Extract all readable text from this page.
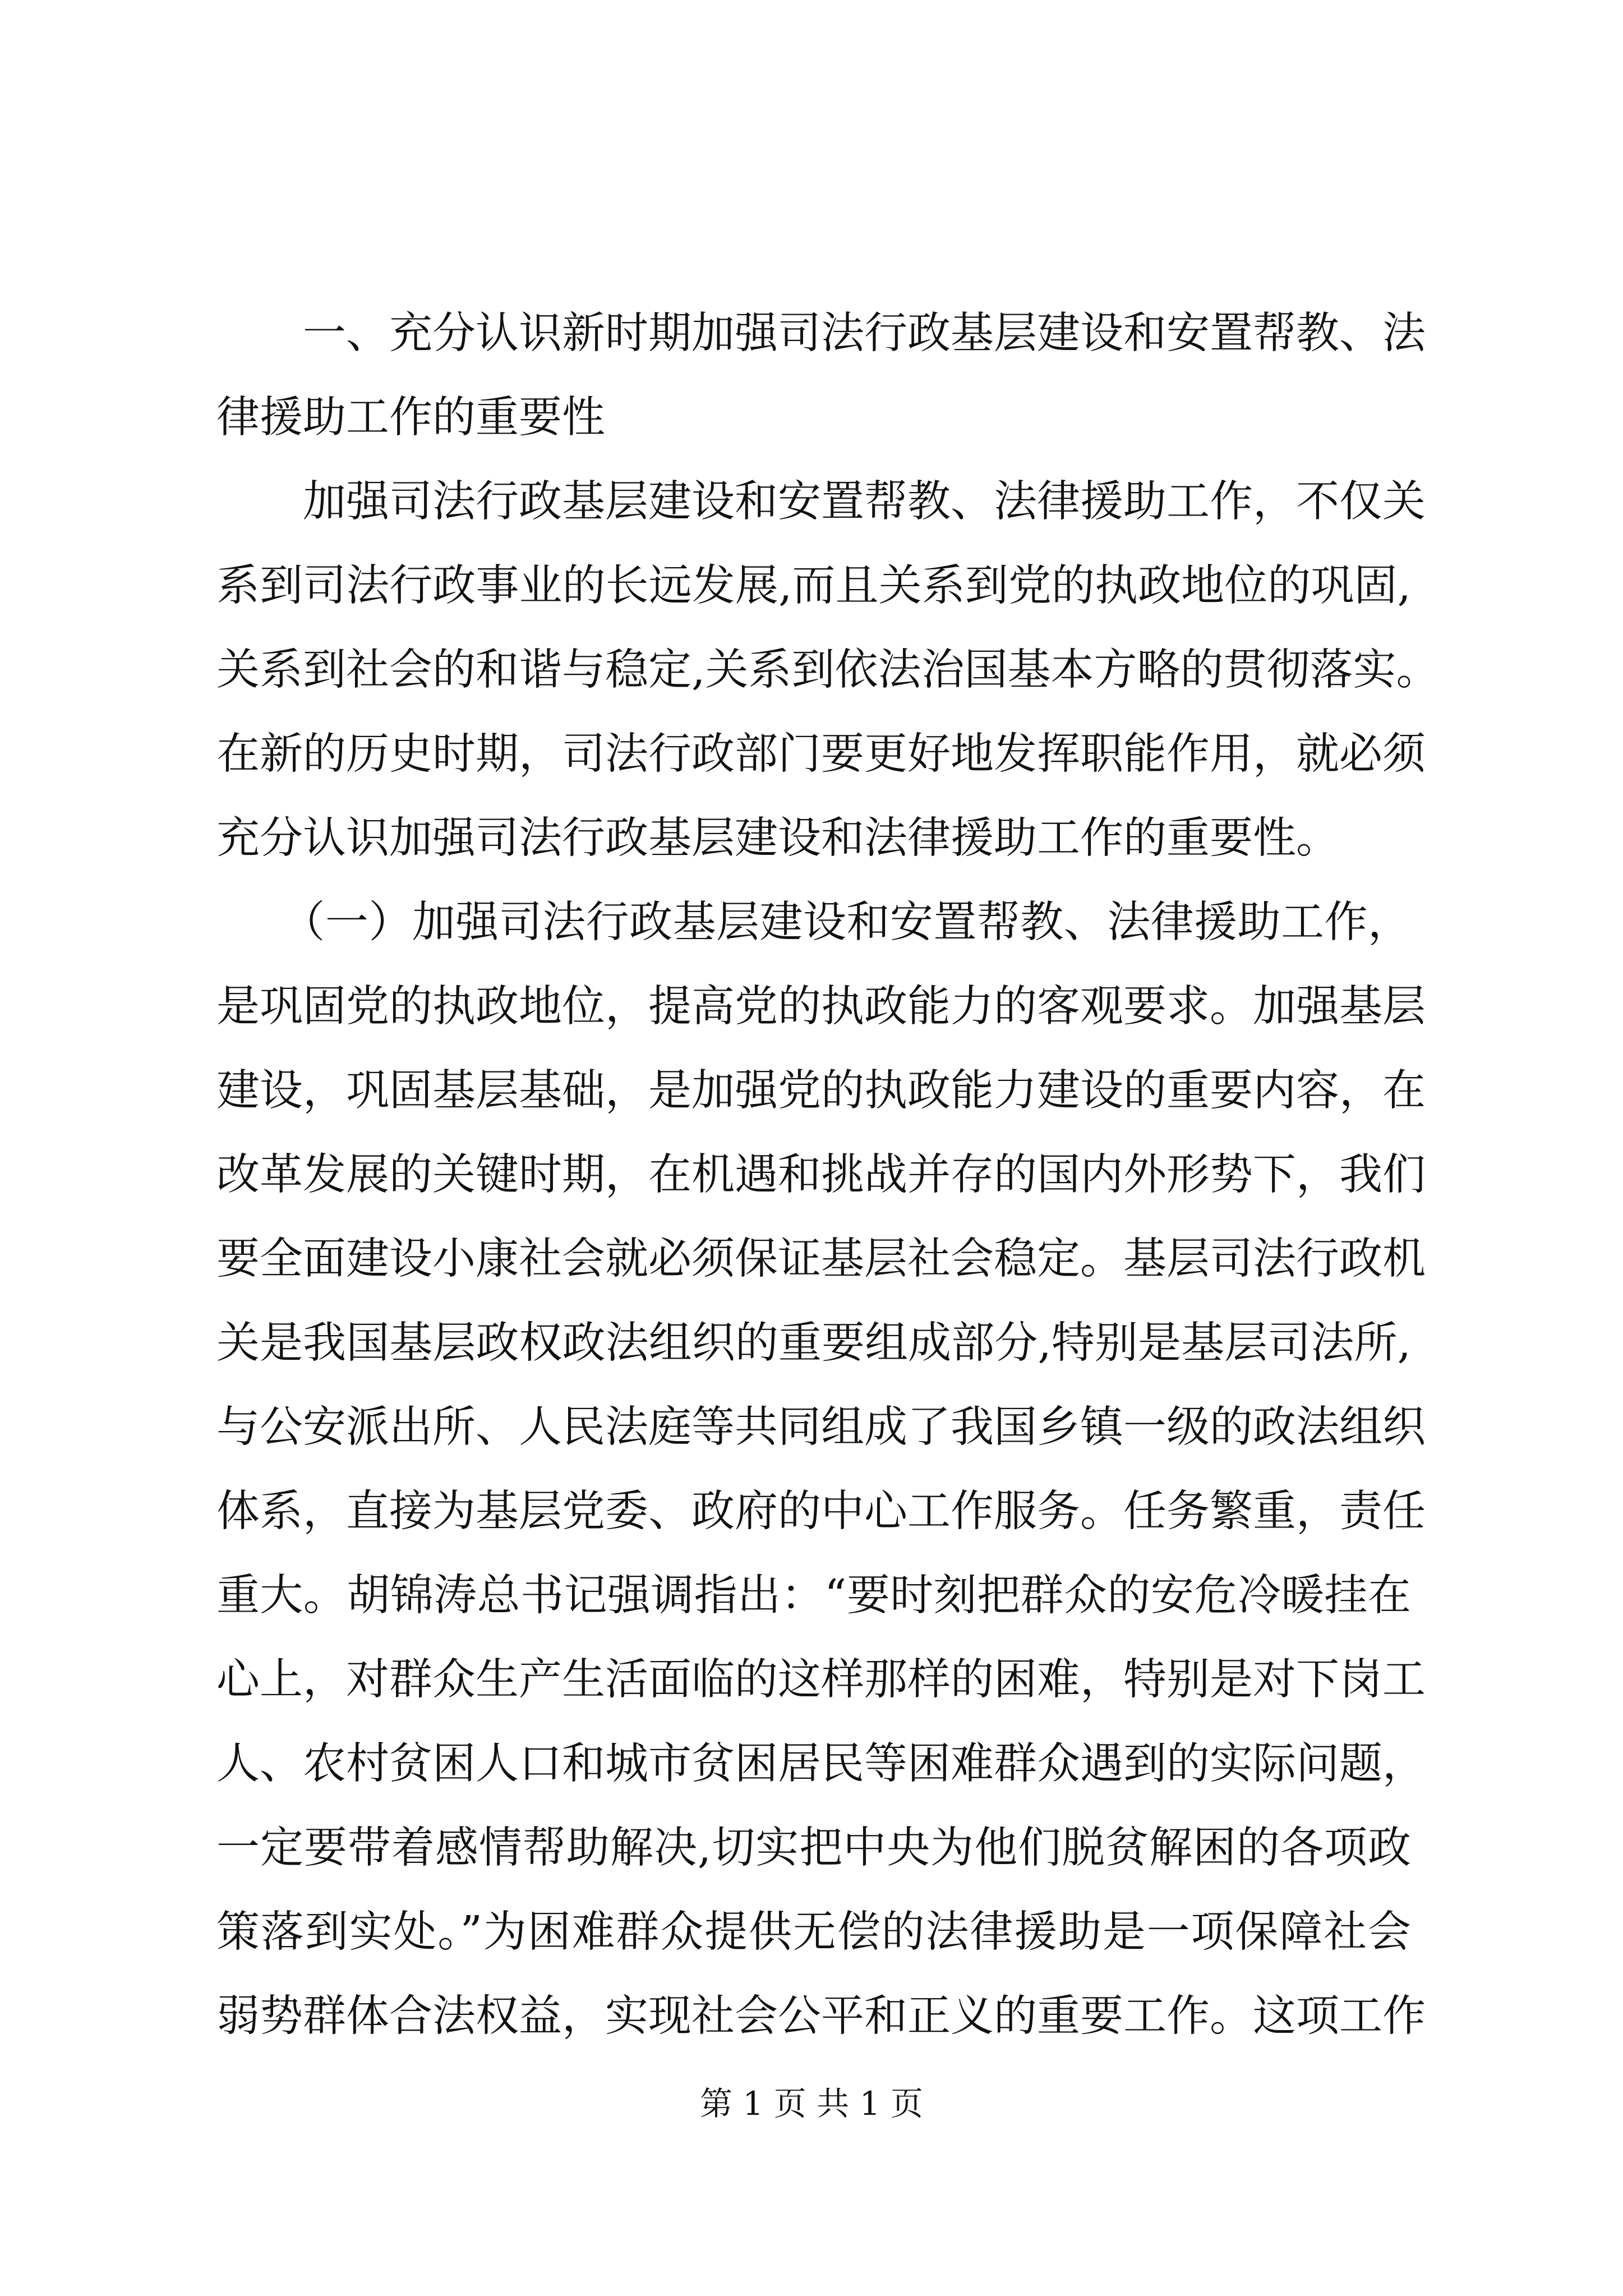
　　一、充分认识新时期加强司法行政基层建设和安置帮教、法
律援助工作的重要性
　　加强司法行政基层建设和安置帮教、法律援助工作，不仅关
系到司法行政事业的长远发展,而且关系到党的执政地位的巩固,
关系到社会的和谐与稳定,关系到依法治国基本方略的贯彻落实。
在新的历史时期，司法行政部门要更好地发挥职能作用，就必须
充分认识加强司法行政基层建设和法律援助工作的重要性。
　　（一）加强司法行政基层建设和安置帮教、法律援助工作，
是巩固党的执政地位，提高党的执政能力的客观要求。加强基层
建设，巩固基层基础，是加强党的执政能力建设的重要内容，在
改革发展的关键时期，在机遇和挑战并存的国内外形势下，我们
要全面建设小康社会就必须保证基层社会稳定。基层司法行政机
关是我国基层政权政法组织的重要组成部分,特别是基层司法所,
与公安派出所、人民法庭等共同组成了我国乡镇一级的政法组织
体系，直接为基层党委、政府的中心工作服务。任务繁重，责任
重大。胡锦涛总书记强调指出：“要时刻把群众的安危冷暖挂在
心上，对群众生产生活面临的这样那样的困难，特别是对下岗工
人、农村贫困人口和城市贫困居民等困难群众遇到的实际问题，
一定要带着感情帮助解决,切实把中央为他们脱贫解困的各项政
策落到实处。”为困难群众提供无偿的法律援助是一项保障社会
弱势群体合法权益，实现社会公平和正义的重要工作。这项工作
第 1 页 共 1 页
